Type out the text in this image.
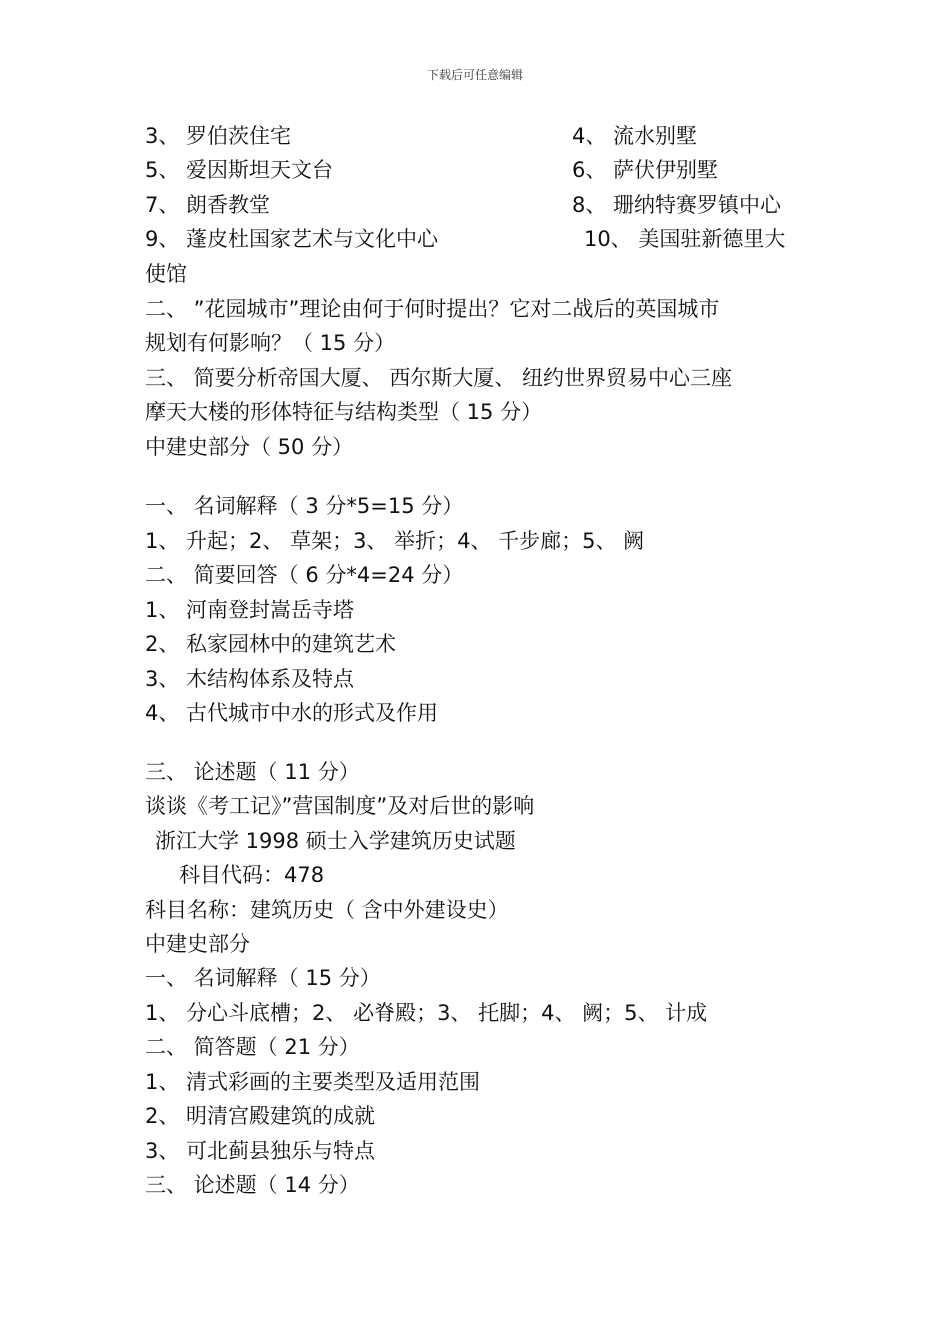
下载后可任意编辑
3、 罗伯茨住宅	4、 流水别墅
5、 爱因斯坦天文台	6、 萨伏伊别墅
7、 朗香教堂	8、 珊纳特赛罗镇中心
9、 蓬皮杜国家艺术与文化中心	10、 美国驻新德里大
使馆
二、 ”花园城市”理论由何于何时提出？它对二战后的英国城市
规划有何影响？（ 15 分）
三、 简要分析帝国大厦、 西尔斯大厦、 纽约世界贸易中心三座
摩天大楼的形体特征与结构类型（ 15 分）
中建史部分（ 50 分）
一、 名词解释（ 3 分*5=15 分）
1、 升起；2、 草架；3、 举折；4、 千步廊；5、 阙
二、 简要回答（ 6 分*4=24 分）
1、 河南登封嵩岳寺塔
2、 私家园林中的建筑艺术
3、 木结构体系及特点
4、 古代城市中水的形式及作用
三、 论述题（ 11 分）
谈谈《考工记》”营国制度”及对后世的影响
浙江大学 1998 硕士入学建筑历史试题
科目代码：478
科目名称：建筑历史（ 含中外建设史）
中建史部分
一、 名词解释（ 15 分）
1、 分心斗底槽；2、 必脊殿；3、 托脚；4、 阙；5、 计成
二、 简答题（ 21 分）
1、 清式彩画的主要类型及适用范围
2、 明清宫殿建筑的成就
3、 可北蓟县独乐与特点
三、 论述题（ 14 分）
